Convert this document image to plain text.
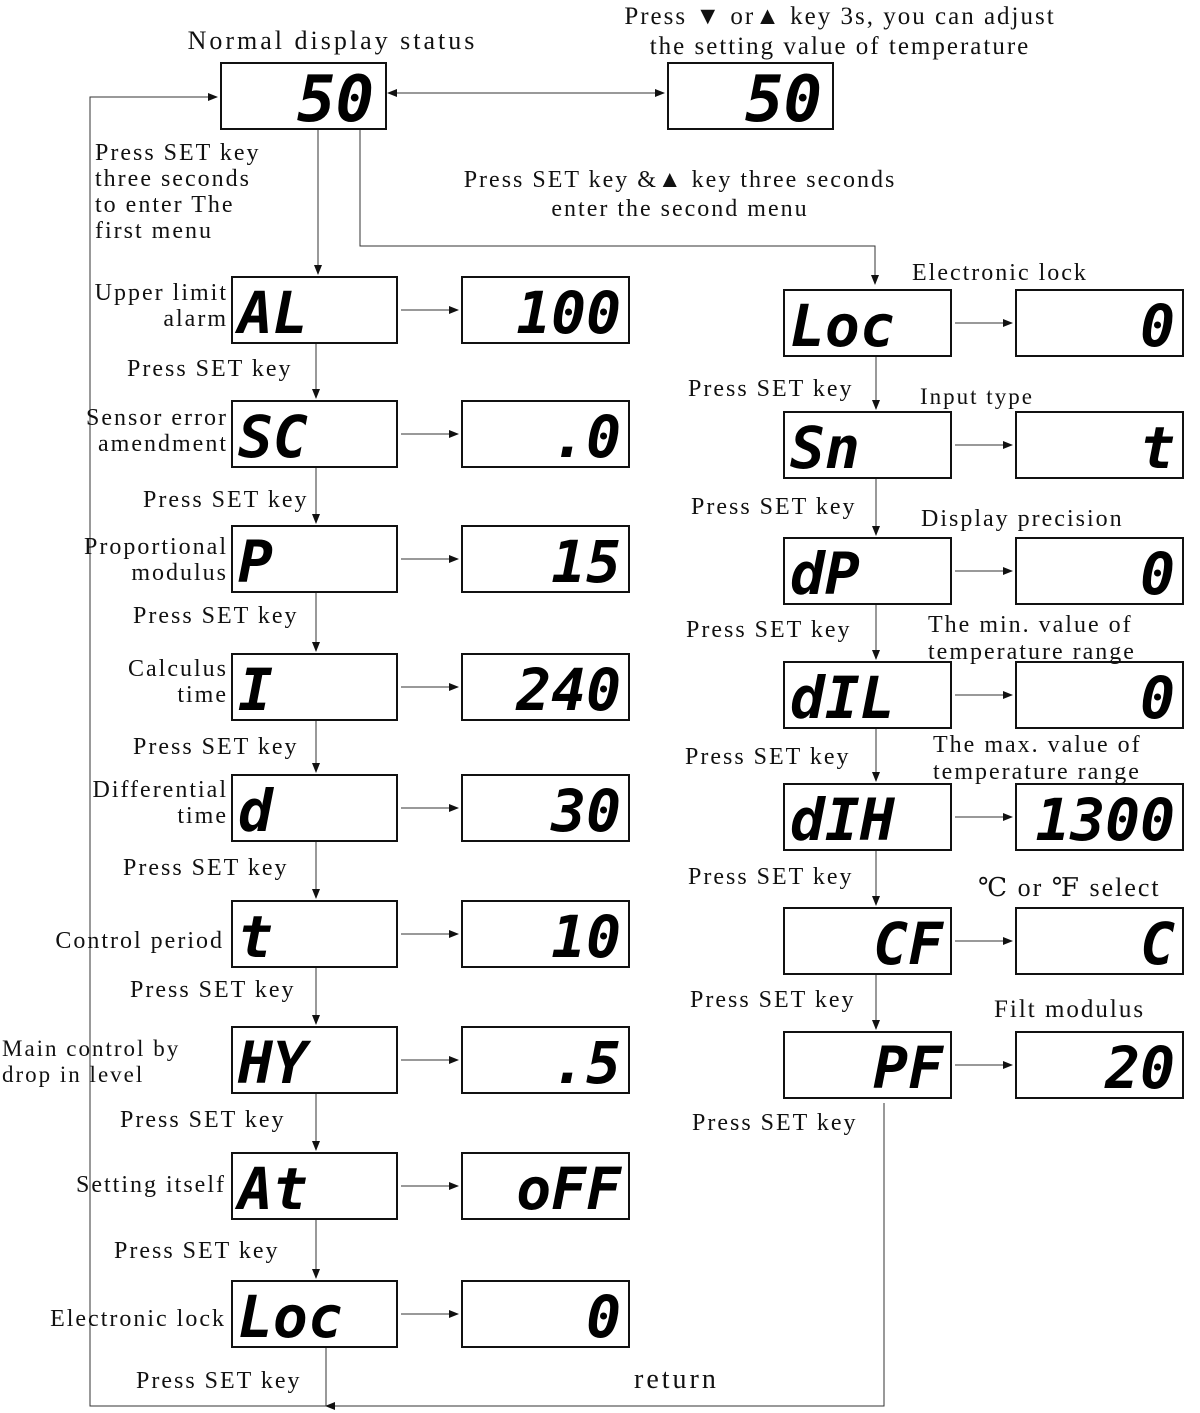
50	50
AL	100
SC	.0
P	15
I	240
d	30
t	10
HY	.5
At	oFF
Loc	0
Loc	0
Sn	t
dP	0
dIL	0
dIH 1300
CF	C
PF	20
Normal display status
Press ▼ or▲ key 3s, you can adjust
the setting value of temperature
Press SET key
three seconds
to enter The
first menu
Press SET key &▲ key three seconds
enter the second menu
return
Upper limit
alarm
Sensor error
amendment
Proportional
modulus
Calculus
time
Differential
time
Control period
Main control by
drop in level
Setting itself
Electronic lock
Press SET key
Press SET key
Press SET key
Press SET key
Press SET key
Press SET key
Press SET key
Press SET key
Press SET key
Electronic lock
Input type
Display precision
The min. value of
temperature range
The max. value of
temperature range
℃ or ℉ select
Filt modulus
Press SET key
Press SET key
Press SET key
Press SET key
Press SET key
Press SET key
Press SET key
